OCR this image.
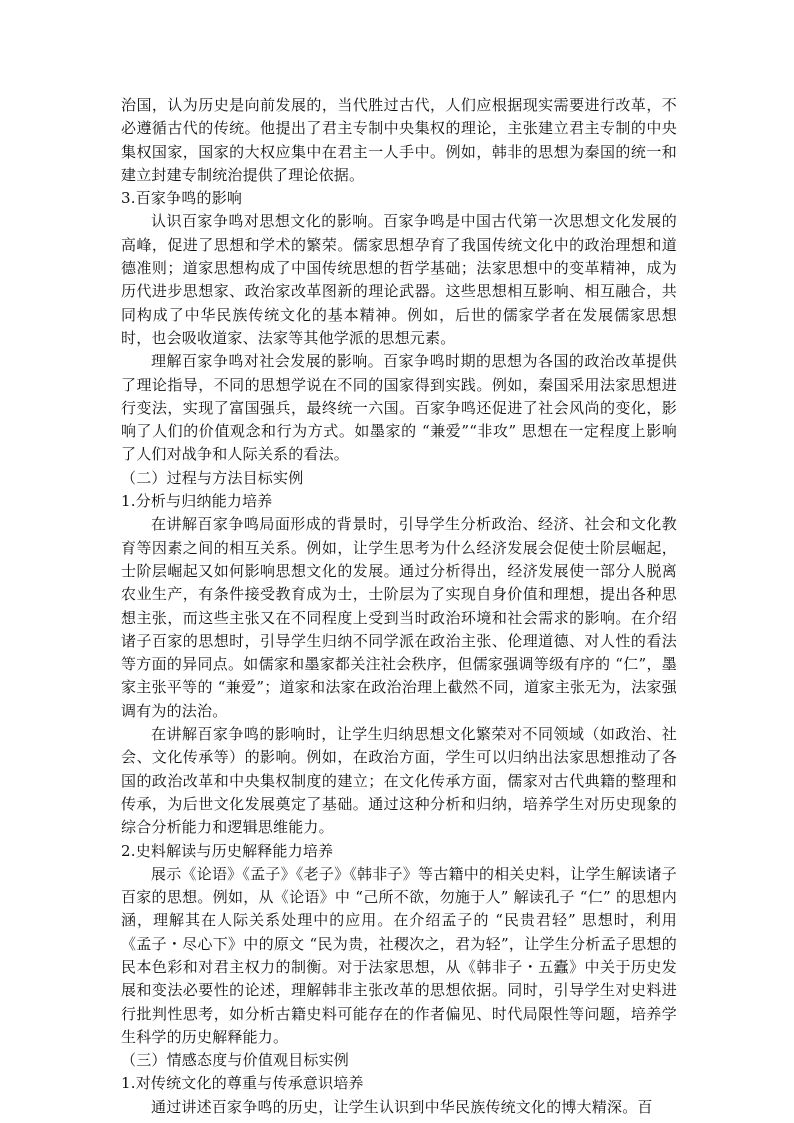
治国，认为历史是向前发展的，当代胜过古代，人们应根据现实需要进行改革，不必遵循古代的传统。他提出了君主专制中央集权的理论，主张建立君主专制的中央集权国家，国家的大权应集中在君主一人手中。例如，韩非的思想为秦国的统一和建立封建专制统治提供了理论依据。

3.百家争鸣的影响

认识百家争鸣对思想文化的影响。百家争鸣是中国古代第一次思想文化发展的高峰，促进了思想和学术的繁荣。儒家思想孕育了我国传统文化中的政治理想和道德准则；道家思想构成了中国传统思想的哲学基础；法家思想中的变革精神，成为历代进步思想家、政治家改革图新的理论武器。这些思想相互影响、相互融合，共同构成了中华民族传统文化的基本精神。例如，后世的儒家学者在发展儒家思想时，也会吸收道家、法家等其他学派的思想元素。

理解百家争鸣对社会发展的影响。百家争鸣时期的思想为各国的政治改革提供了理论指导，不同的思想学说在不同的国家得到实践。例如，秦国采用法家思想进行变法，实现了富国强兵，最终统一六国。百家争鸣还促进了社会风尚的变化，影响了人们的价值观念和行为方式。如墨家的 “兼爱”“非攻” 思想在一定程度上影响了人们对战争和人际关系的看法。

（二）过程与方法目标实例

1.分析与归纳能力培养

在讲解百家争鸣局面形成的背景时，引导学生分析政治、经济、社会和文化教育等因素之间的相互关系。例如，让学生思考为什么经济发展会促使士阶层崛起，士阶层崛起又如何影响思想文化的发展。通过分析得出，经济发展使一部分人脱离农业生产，有条件接受教育成为士，士阶层为了实现自身价值和理想，提出各种思想主张，而这些主张又在不同程度上受到当时政治环境和社会需求的影响。在介绍诸子百家的思想时，引导学生归纳不同学派在政治主张、伦理道德、对人性的看法等方面的异同点。如儒家和墨家都关注社会秩序，但儒家强调等级有序的 “仁”，墨家主张平等的 “兼爱”；道家和法家在政治治理上截然不同，道家主张无为，法家强调有为的法治。

在讲解百家争鸣的影响时，让学生归纳思想文化繁荣对不同领域（如政治、社会、文化传承等）的影响。例如，在政治方面，学生可以归纳出法家思想推动了各国的政治改革和中央集权制度的建立；在文化传承方面，儒家对古代典籍的整理和传承，为后世文化发展奠定了基础。通过这种分析和归纳，培养学生对历史现象的综合分析能力和逻辑思维能力。

2.史料解读与历史解释能力培养

展示《论语》《孟子》《老子》《韩非子》等古籍中的相关史料，让学生解读诸子百家的思想。例如，从《论语》中 “己所不欲，勿施于人” 解读孔子 “仁” 的思想内涵，理解其在人际关系处理中的应用。在介绍孟子的 “民贵君轻” 思想时，利用《孟子・尽心下》中的原文 “民为贵，社稷次之，君为轻”，让学生分析孟子思想的民本色彩和对君主权力的制衡。对于法家思想，从《韩非子・五蠹》中关于历史发展和变法必要性的论述，理解韩非主张改革的思想依据。同时，引导学生对史料进行批判性思考，如分析古籍史料可能存在的作者偏见、时代局限性等问题，培养学生科学的历史解释能力。

（三）情感态度与价值观目标实例

1.对传统文化的尊重与传承意识培养

通过讲述百家争鸣的历史，让学生认识到中华民族传统文化的博大精深。百
